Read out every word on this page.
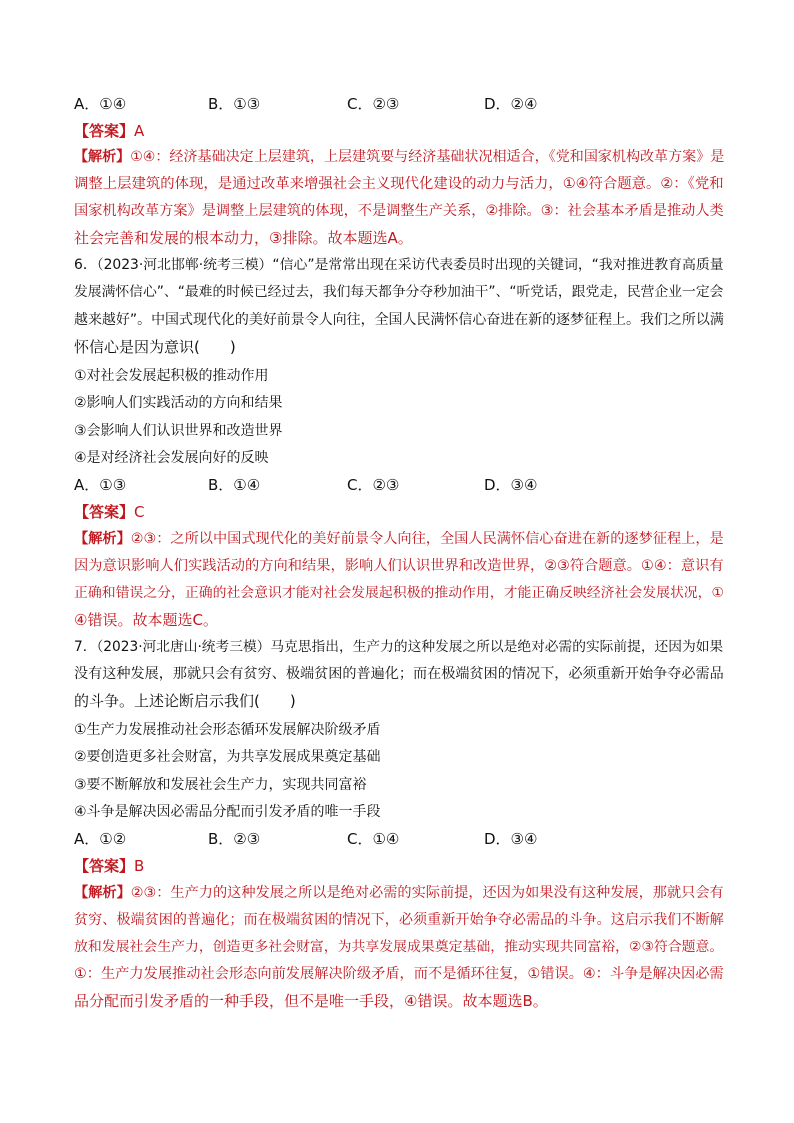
A．①④	B．①③	C．②③	D．②④
【答案】A
【解析】①④：经济基础决定上层建筑，上层建筑要与经济基础状况相适合，《党和国家机构改革方案》是
调整上层建筑的体现，是通过改革来增强社会主义现代化建设的动力与活力，①④符合题意。②：《党和
国家机构改革方案》是调整上层建筑的体现，不是调整生产关系，②排除。③：社会基本矛盾是推动人类
社会完善和发展的根本动力，③排除。故本题选A。
6．（2023·河北邯郸·统考三模）“信心”是常常出现在采访代表委员时出现的关键词，“我对推进教育高质量
发展满怀信心”、“最难的时候已经过去，我们每天都争分夺秒加油干”、“听党话，跟党走，民营企业一定会
越来越好”。中国式现代化的美好前景令人向往，全国人民满怀信心奋进在新的逐梦征程上。我们之所以满
怀信心是因为意识(　　)
①对社会发展起积极的推动作用
②影响人们实践活动的方向和结果
③会影响人们认识世界和改造世界
④是对经济社会发展向好的反映
A．①③	B．①④	C．②③	D．③④
【答案】C
【解析】②③：之所以中国式现代化的美好前景令人向往，全国人民满怀信心奋进在新的逐梦征程上，是
因为意识影响人们实践活动的方向和结果，影响人们认识世界和改造世界，②③符合题意。①④：意识有
正确和错误之分，正确的社会意识才能对社会发展起积极的推动作用，才能正确反映经济社会发展状况，①
④错误。故本题选C。
7．（2023·河北唐山·统考三模）马克思指出，生产力的这种发展之所以是绝对必需的实际前提，还因为如果
没有这种发展，那就只会有贫穷、极端贫困的普遍化；而在极端贫困的情况下，必须重新开始争夺必需品
的斗争。上述论断启示我们(　　)
①生产力发展推动社会形态循环发展解决阶级矛盾
②要创造更多社会财富，为共享发展成果奠定基础
③要不断解放和发展社会生产力，实现共同富裕
④斗争是解决因必需品分配而引发矛盾的唯一手段
A．①②	B．②③	C．①④	D．③④
【答案】B
【解析】②③：生产力的这种发展之所以是绝对必需的实际前提，还因为如果没有这种发展，那就只会有
贫穷、极端贫困的普遍化；而在极端贫困的情况下，必须重新开始争夺必需品的斗争。这启示我们不断解
放和发展社会生产力，创造更多社会财富，为共享发展成果奠定基础，推动实现共同富裕，②③符合题意。
①：生产力发展推动社会形态向前发展解决阶级矛盾，而不是循环往复，①错误。④：斗争是解决因必需
品分配而引发矛盾的一种手段，但不是唯一手段，④错误。故本题选B。
